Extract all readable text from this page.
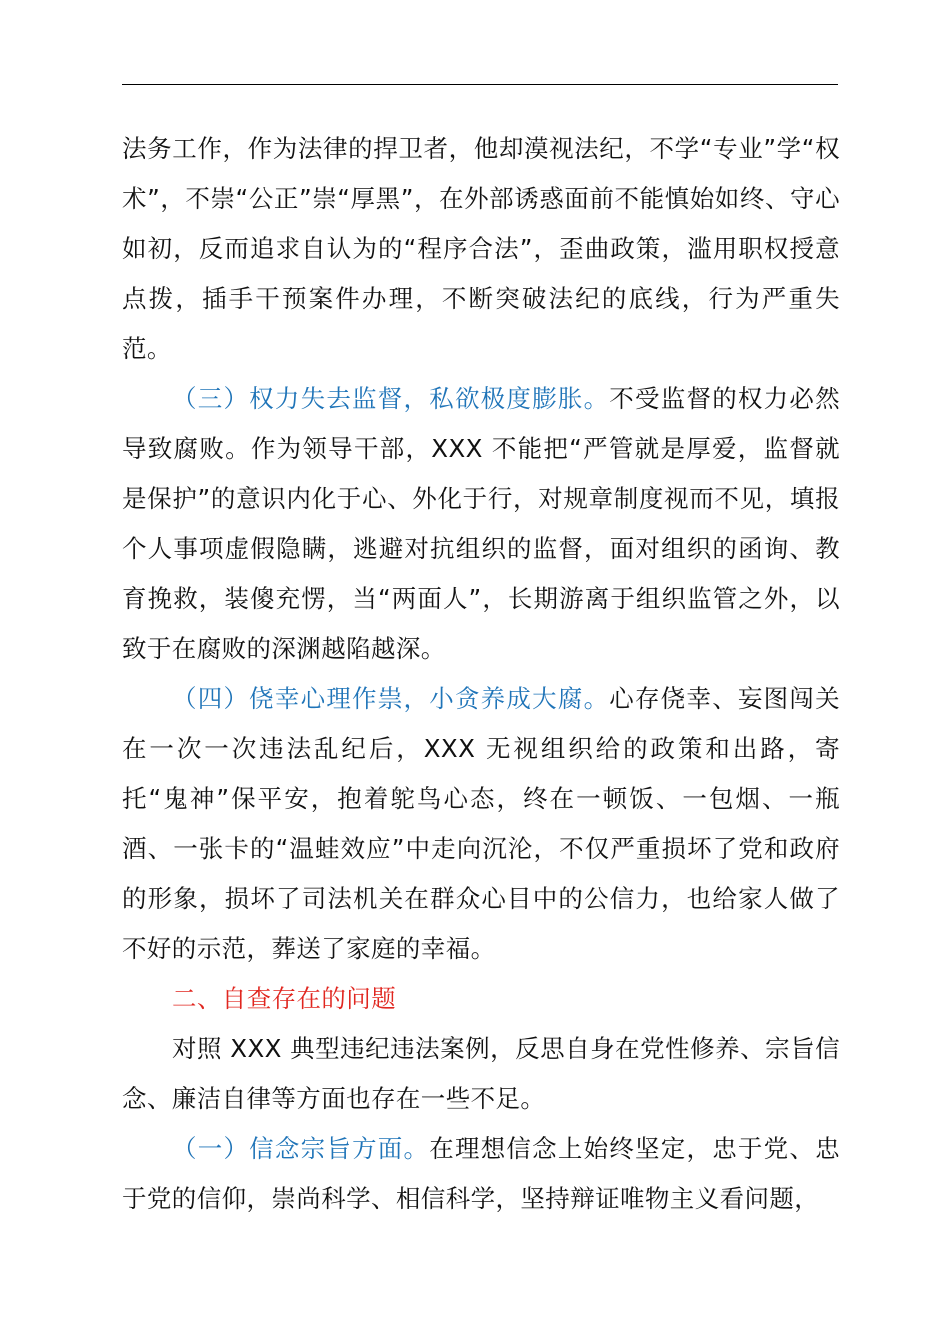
法务工作，作为法律的捍卫者，他却漠视法纪，不学“专业”学“权术”，不崇“公正”崇“厚黑”，在外部诱惑面前不能慎始如终、守心如初，反而追求自认为的“程序合法”，歪曲政策，滥用职权授意点拨，插手干预案件办理，不断突破法纪的底线，行为严重失范。

（三）权力失去监督，私欲极度膨胀。不受监督的权力必然导致腐败。作为领导干部，XXX 不能把“严管就是厚爱，监督就是保护”的意识内化于心、外化于行，对规章制度视而不见，填报个人事项虚假隐瞒，逃避对抗组织的监督，面对组织的函询、教育挽救，装傻充愣，当“两面人”，长期游离于组织监管之外，以致于在腐败的深渊越陷越深。

（四）侥幸心理作祟，小贪养成大腐。心存侥幸、妄图闯关在一次一次违法乱纪后，XXX 无视组织给的政策和出路，寄托“鬼神”保平安，抱着鸵鸟心态，终在一顿饭、一包烟、一瓶酒、一张卡的“温蛙效应”中走向沉沦，不仅严重损坏了党和政府的形象，损坏了司法机关在群众心目中的公信力，也给家人做了不好的示范，葬送了家庭的幸福。

二、自查存在的问题

对照 XXX 典型违纪违法案例，反思自身在党性修养、宗旨信念、廉洁自律等方面也存在一些不足。

（一）信念宗旨方面。在理想信念上始终坚定，忠于党、忠于党的信仰，崇尚科学、相信科学，坚持辩证唯物主义看问题，
